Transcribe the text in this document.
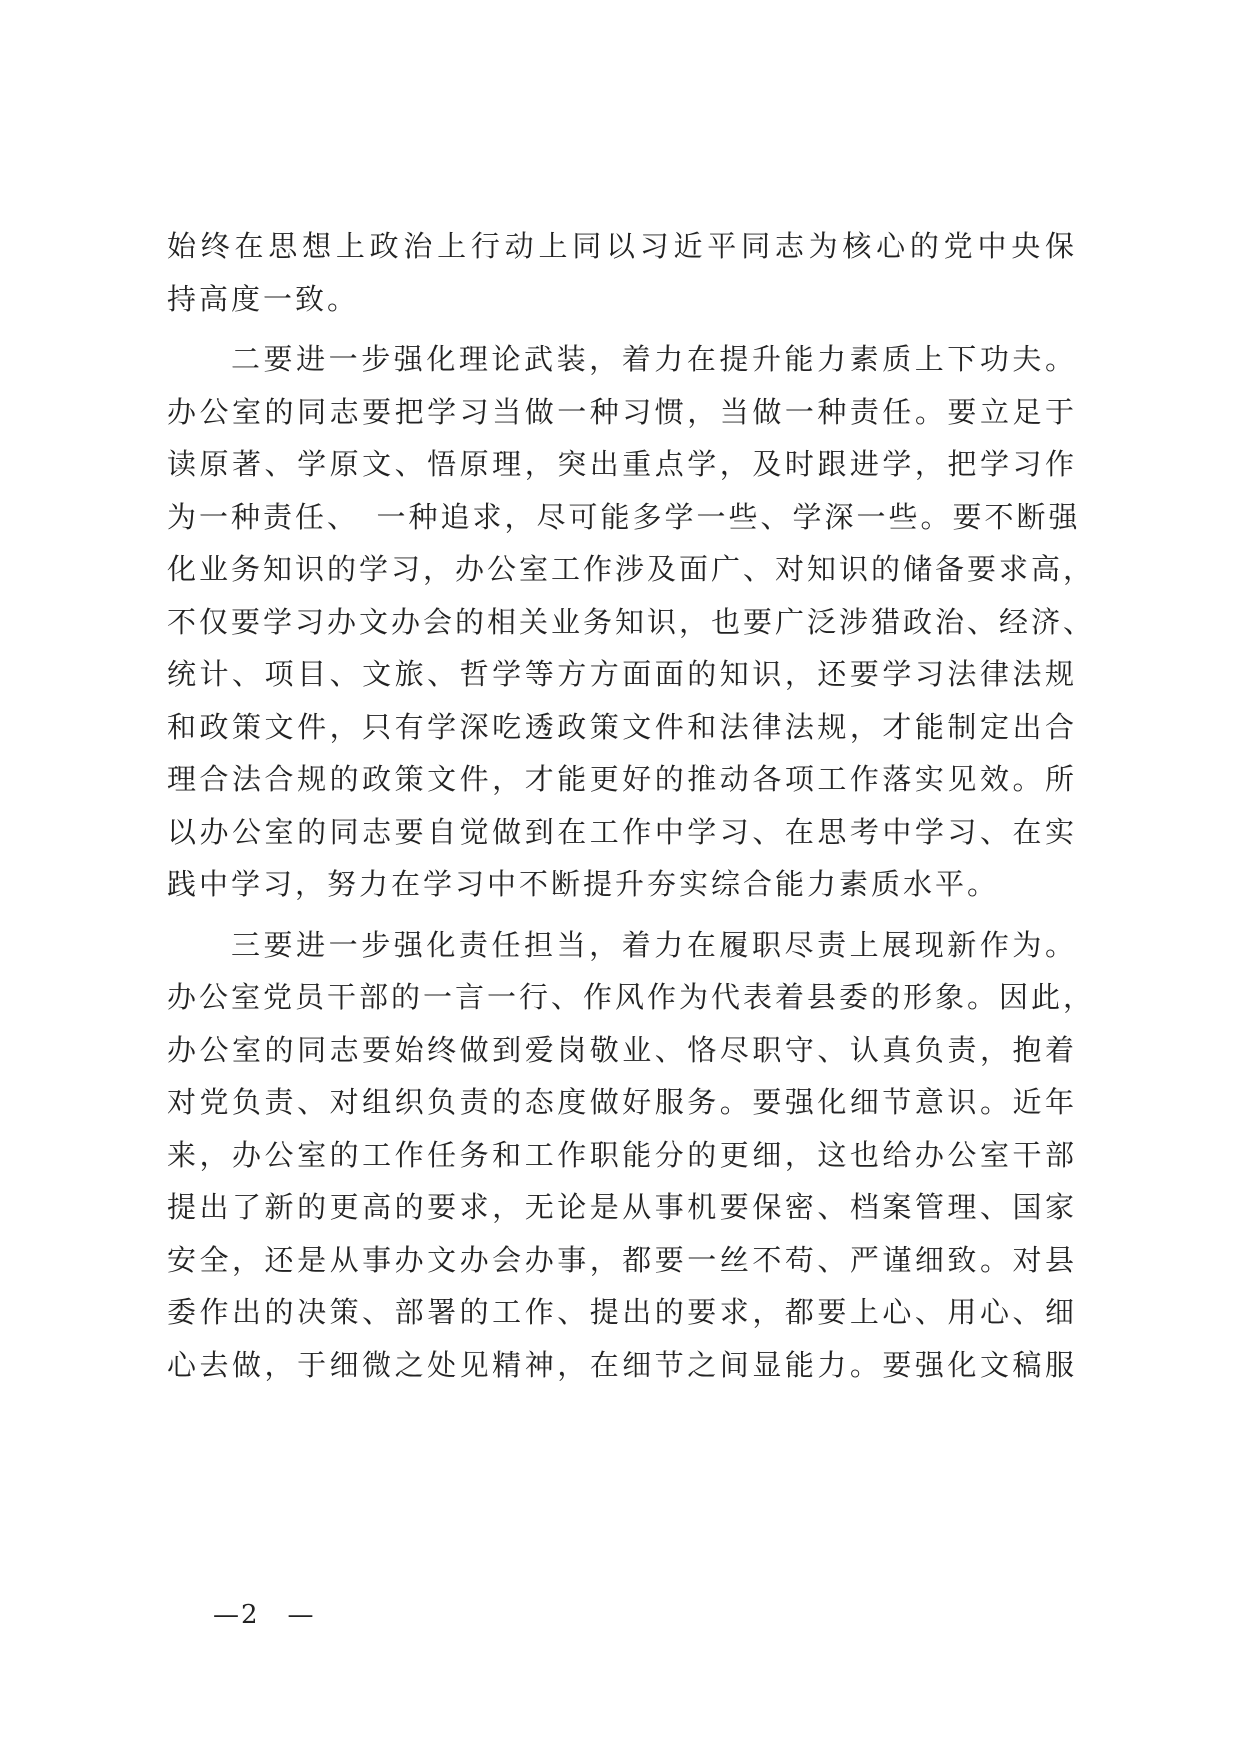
始终在思想上政治上行动上同以习近平同志为核心的党中央保
持高度一致。
二要进一步强化理论武装，着力在提升能力素质上下功夫。
办公室的同志要把学习当做一种习惯，当做一种责任。要立足于
读原著、学原文、悟原理，突出重点学，及时跟进学，把学习作
为一种责任、　一种追求，尽可能多学一些、学深一些。要不断强
化业务知识的学习，办公室工作涉及面广、对知识的储备要求高，
不仅要学习办文办会的相关业务知识，也要广泛涉猎政治、经济、
统计、项目、文旅、哲学等方方面面的知识，还要学习法律法规
和政策文件，只有学深吃透政策文件和法律法规，才能制定出合
理合法合规的政策文件，才能更好的推动各项工作落实见效。所
以办公室的同志要自觉做到在工作中学习、在思考中学习、在实
践中学习，努力在学习中不断提升夯实综合能力素质水平。
三要进一步强化责任担当，着力在履职尽责上展现新作为。
办公室党员干部的一言一行、作风作为代表着县委的形象。因此，
办公室的同志要始终做到爱岗敬业、恪尽职守、认真负责，抱着
对党负责、对组织负责的态度做好服务。要强化细节意识。近年
来，办公室的工作任务和工作职能分的更细，这也给办公室干部
提出了新的更高的要求，无论是从事机要保密、档案管理、国家
安全，还是从事办文办会办事，都要一丝不苟、严谨细致。对县
委作出的决策、部署的工作、提出的要求，都要上心、用心、细
心去做，于细微之处见精神，在细节之间显能力。要强化文稿服
—2　—
